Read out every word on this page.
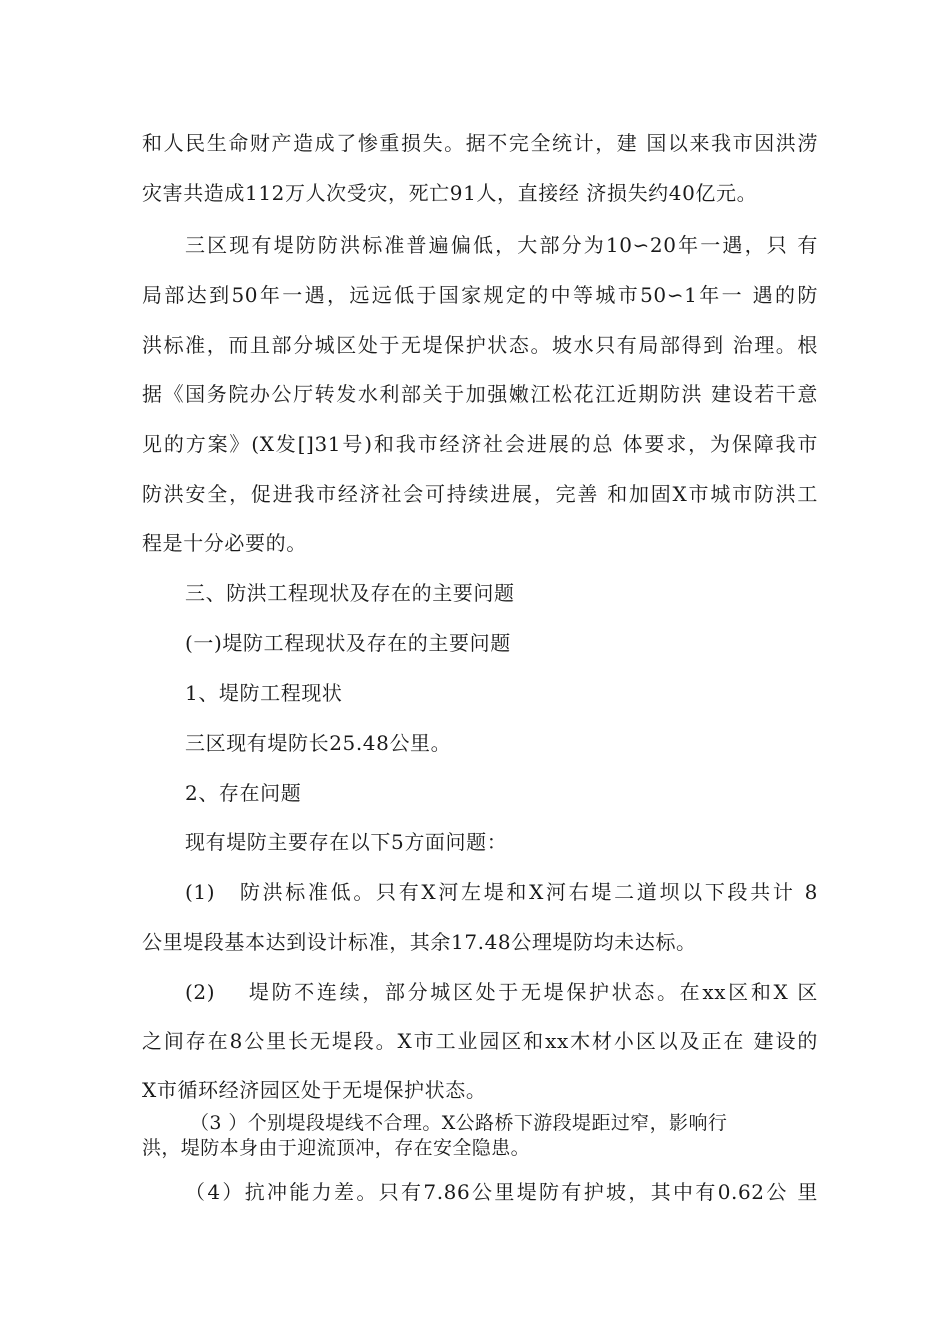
和人民生命财产造成了惨重损失。据不完全统计，建 国以来我市因洪涝
灾害共造成112万人次受灾，死亡91人，直接经 济损失约40亿元。
三区现有堤防防洪标准普遍偏低，大部分为10∽20年一遇，只 有
局部达到50年一遇，远远低于国家规定的中等城市50∽1年一 遇的防
洪标准，而且部分城区处于无堤保护状态。坡水只有局部得到 治理。根
据《国务院办公厅转发水利部关于加强嫩江松花江近期防洪 建设若干意
见的方案》(X发[]31号)和我市经济社会进展的总 体要求，为保障我市
防洪安全，促进我市经济社会可持续进展，完善 和加固X市城市防洪工
程是十分必要的。
三、防洪工程现状及存在的主要问题
(一)堤防工程现状及存在的主要问题
1、堤防工程现状
三区现有堤防长25.48公里。
2、存在问题
现有堤防主要存在以下5方面问题：
(1)　防洪标准低。只有X河左堤和X河右堤二道坝以下段共计 8
公里堤段基本达到设计标准，其余17.48公理堤防均未达标。
(2)　 堤防不连续，部分城区处于无堤保护状态。在xx区和X 区
之间存在8公里长无堤段。X市工业园区和xx木材小区以及正在 建设的
X市循环经济园区处于无堤保护状态。
（3 ）个别堤段堤线不合理。X公路桥下游段堤距过窄，影响行
洪，堤防本身由于迎流顶冲，存在安全隐患。
（4）抗冲能力差。只有7.86公里堤防有护坡，其中有0.62公 里
